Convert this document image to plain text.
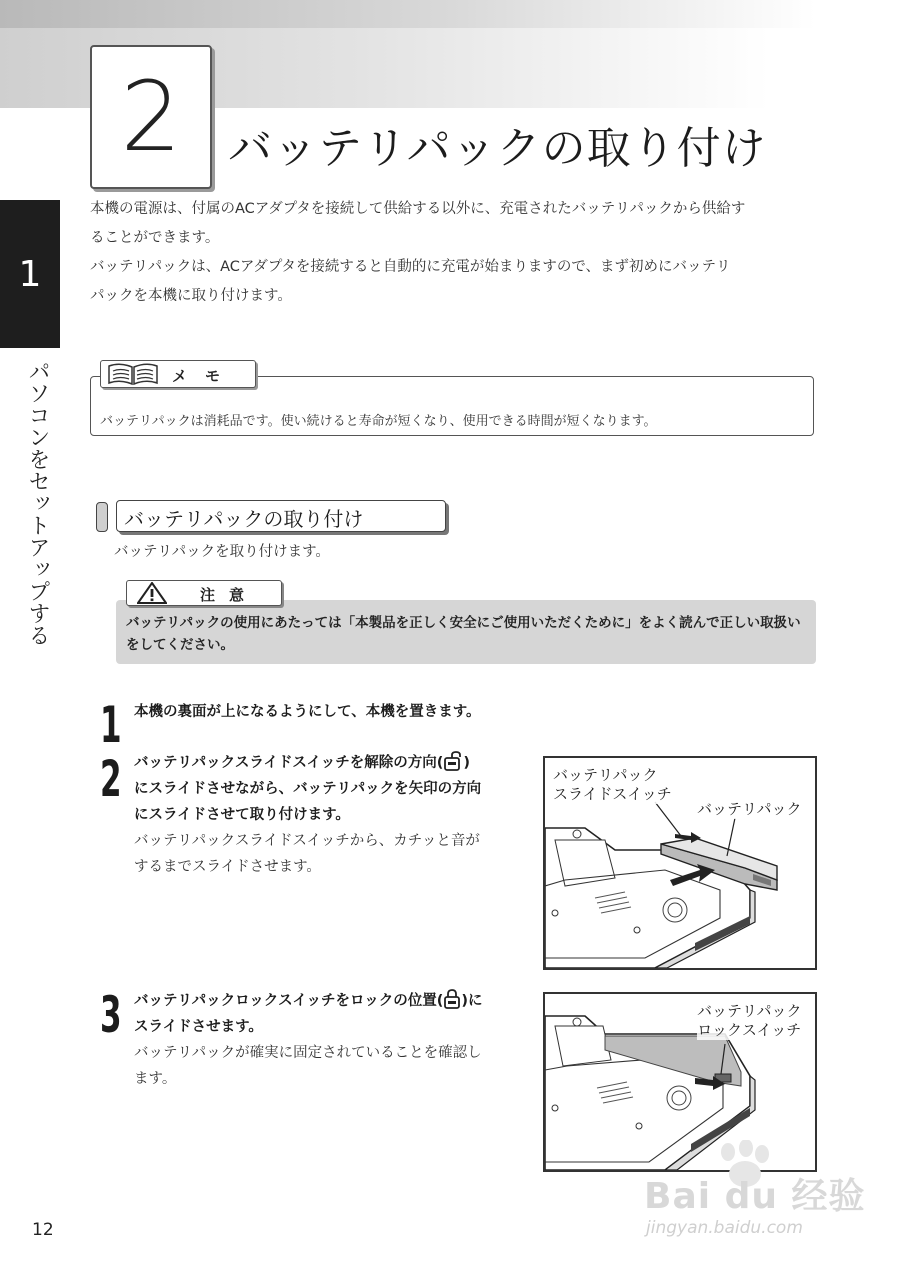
2 バッテリパックの取り付け
1
パソコンをセットアップする
本機の電源は、付属のACアダプタを接続して供給する以外に、充電されたバッテリパックから供給す
ることができます。
バッテリパックは、ACアダプタを接続すると自動的に充電が始まりますので、まず初めにバッテリ
パックを本機に取り付けます。
メモ
バッテリパックは消耗品です。使い続けると寿命が短くなり、使用できる時間が短くなります。
バッテリパックの取り付け
バッテリパックを取り付けます。
注意
バッテリパックの使用にあたっては「本製品を正しく安全にご使用いただくために」をよく読んで正しい取扱いをしてください。
1 本機の裏面が上になるようにして、本機を置きます。
2 バッテリパックスライドスイッチを解除の方向( )
にスライドさせながら、バッテリパックを矢印の方向
にスライドさせて取り付けます。
バッテリパックスライドスイッチから、カチッと音が
するまでスライドさせます。
バッテリパック
スライドスイッチ
バッテリパック
3 バッテリパックロックスイッチをロックの位置( )に
スライドさせます。
バッテリパックが確実に固定されていることを確認し
ます。
バッテリパック
ロックスイッチ
12
Bai du 经验
jingyan.baidu.com
